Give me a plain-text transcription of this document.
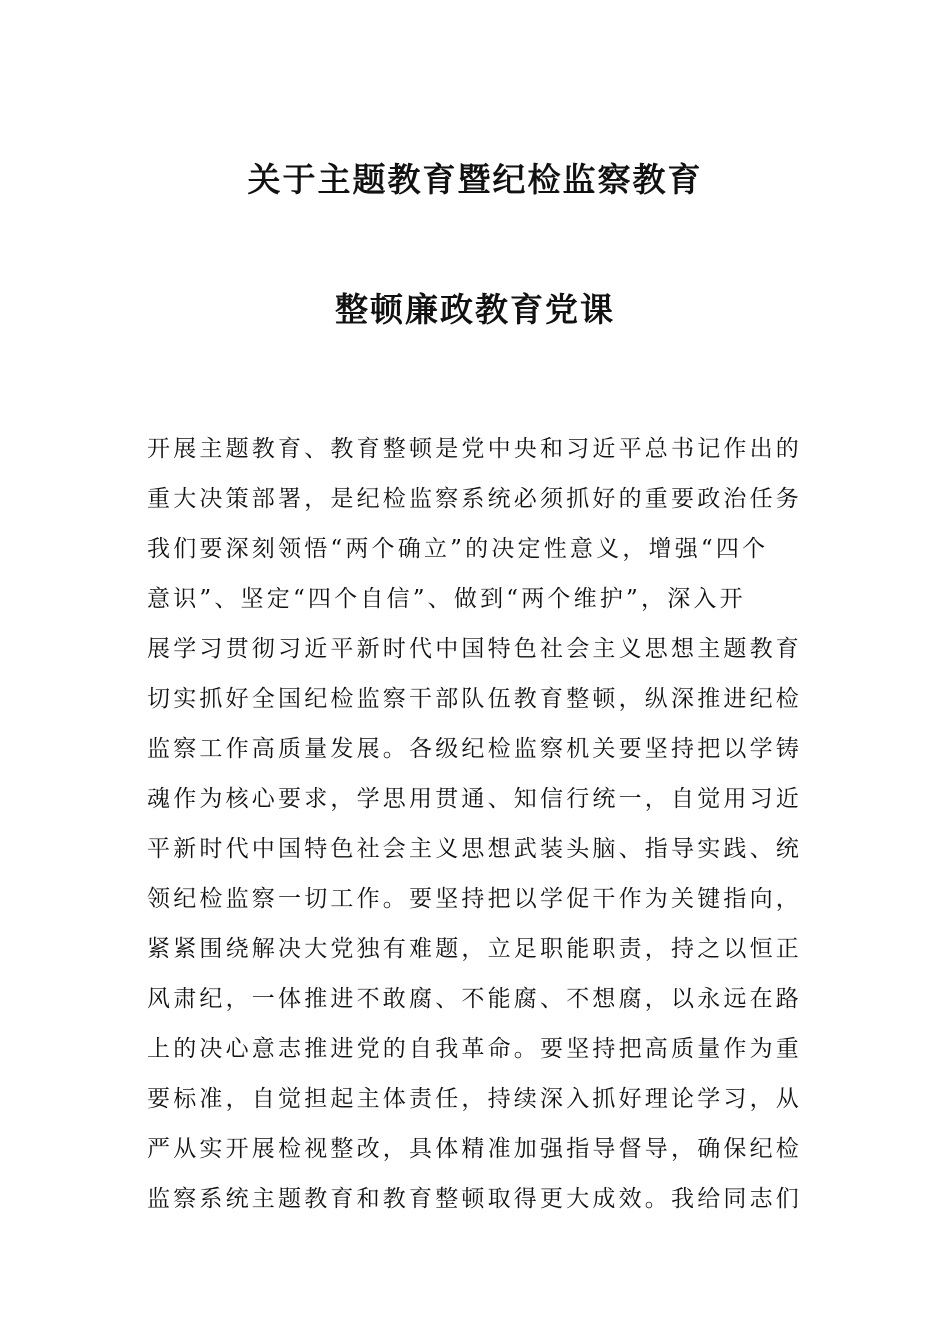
关于主题教育暨纪检监察教育
整顿廉政教育党课
开展主题教育、教育整顿是党中央和习近平总书记作出的
重大决策部署，是纪检监察系统必须抓好的重要政治任务
我们要深刻领悟“两个确立”的决定性意义，增强“四个
意识”、坚定“四个自信”、做到“两个维护”，深入开
展学习贯彻习近平新时代中国特色社会主义思想主题教育
切实抓好全国纪检监察干部队伍教育整顿，纵深推进纪检
监察工作高质量发展。各级纪检监察机关要坚持把以学铸
魂作为核心要求，学思用贯通、知信行统一，自觉用习近
平新时代中国特色社会主义思想武装头脑、指导实践、统
领纪检监察一切工作。要坚持把以学促干作为关键指向，
紧紧围绕解决大党独有难题，立足职能职责，持之以恒正
风肃纪，一体推进不敢腐、不能腐、不想腐，以永远在路
上的决心意志推进党的自我革命。要坚持把高质量作为重
要标准，自觉担起主体责任，持续深入抓好理论学习，从
严从实开展检视整改，具体精准加强指导督导，确保纪检
监察系统主题教育和教育整顿取得更大成效。我给同志们
